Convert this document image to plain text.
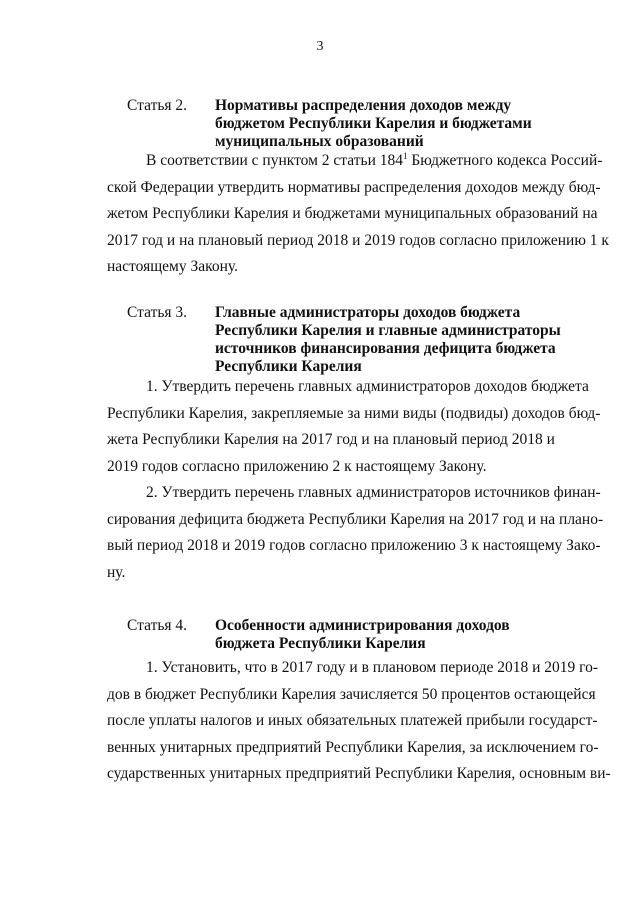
3
Статья 2. Нормативы распределения доходов между
бюджетом Республики Карелия и бюджетами
муниципальных образований
В соответствии с пунктом 2 статьи $184^1$ Бюджетного кодекса Россий-
ской Федерации утвердить нормативы распределения доходов между бюд-
жетом Республики Карелия и бюджетами муниципальных образований на
2017 год и на плановый период 2018 и 2019 годов согласно приложению 1 к
настоящему Закону.
Статья 3. Главные администраторы доходов бюджета
Республики Карелия и главные администраторы
источников финансирования дефицита бюджета
Республики Карелия
1. Утвердить перечень главных администраторов доходов бюджета
Республики Карелия, закрепляемые за ними виды (подвиды) доходов бюд-
жета Республики Карелия на 2017 год и на плановый период 2018 и
2019 годов согласно приложению 2 к настоящему Закону.
2. Утвердить перечень главных администраторов источников финан-
сирования дефицита бюджета Республики Карелия на 2017 год и на плано-
вый период 2018 и 2019 годов согласно приложению 3 к настоящему Зако-
ну.
Статья 4. Особенности администрирования доходов
бюджета Республики Карелия
1. Установить, что в 2017 году и в плановом периоде 2018 и 2019 го-
дов в бюджет Республики Карелия зачисляется 50 процентов остающейся
после уплаты налогов и иных обязательных платежей прибыли государст-
венных унитарных предприятий Республики Карелия, за исключением го-
сударственных унитарных предприятий Республики Карелия, основным ви-
